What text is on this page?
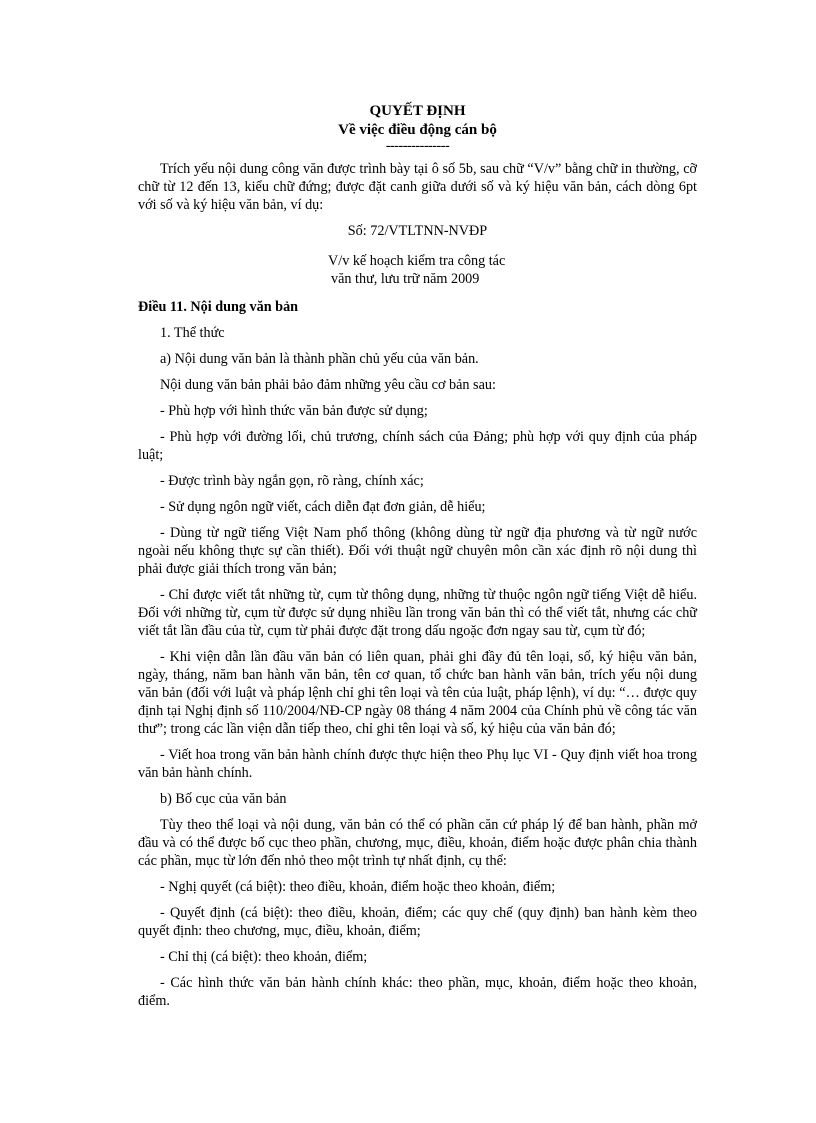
QUYẾT ĐỊNH
Về việc điều động cán bộ
---------------

Trích yếu nội dung công văn được trình bày tại ô số 5b, sau chữ “V/v” bằng chữ in thường, cỡ chữ từ 12 đến 13, kiểu chữ đứng; được đặt canh giữa dưới số và ký hiệu văn bản, cách dòng 6pt với số và ký hiệu văn bản, ví dụ:

Số: 72/VTLTNN-NVĐP
V/v kế hoạch kiểm tra công tác
văn thư, lưu trữ năm 2009

Điều 11. Nội dung văn bản

1. Thể thức

a) Nội dung văn bản là thành phần chủ yếu của văn bản.

Nội dung văn bản phải bảo đảm những yêu cầu cơ bản sau:

- Phù hợp với hình thức văn bản được sử dụng;

- Phù hợp với đường lối, chủ trương, chính sách của Đảng; phù hợp với quy định của pháp luật;

- Được trình bày ngắn gọn, rõ ràng, chính xác;

- Sử dụng ngôn ngữ viết, cách diễn đạt đơn giản, dễ hiểu;

- Dùng từ ngữ tiếng Việt Nam phổ thông (không dùng từ ngữ địa phương và từ ngữ nước ngoài nếu không thực sự cần thiết). Đối với thuật ngữ chuyên môn cần xác định rõ nội dung thì phải được giải thích trong văn bản;

- Chỉ được viết tắt những từ, cụm từ thông dụng, những từ thuộc ngôn ngữ tiếng Việt dễ hiểu. Đối với những từ, cụm từ được sử dụng nhiều lần trong văn bản thì có thể viết tắt, nhưng các chữ viết tắt lần đầu của từ, cụm từ phải được đặt trong dấu ngoặc đơn ngay sau từ, cụm từ đó;

- Khi viện dẫn lần đầu văn bản có liên quan, phải ghi đầy đủ tên loại, số, ký hiệu văn bản, ngày, tháng, năm ban hành văn bản, tên cơ quan, tổ chức ban hành văn bản, trích yếu nội dung văn bản (đối với luật và pháp lệnh chỉ ghi tên loại và tên của luật, pháp lệnh), ví dụ: “… được quy định tại Nghị định số 110/2004/NĐ-CP ngày 08 tháng 4 năm 2004 của Chính phủ về công tác văn thư”; trong các lần viện dẫn tiếp theo, chỉ ghi tên loại và số, ký hiệu của văn bản đó;

- Viết hoa trong văn bản hành chính được thực hiện theo Phụ lục VI - Quy định viết hoa trong văn bản hành chính.

b) Bố cục của văn bản

Tùy theo thể loại và nội dung, văn bản có thể có phần căn cứ pháp lý để ban hành, phần mở đầu và có thể được bố cục theo phần, chương, mục, điều, khoản, điểm hoặc được phân chia thành các phần, mục từ lớn đến nhỏ theo một trình tự nhất định, cụ thể:

- Nghị quyết (cá biệt): theo điều, khoản, điểm hoặc theo khoản, điểm;

- Quyết định (cá biệt): theo điều, khoản, điểm; các quy chế (quy định) ban hành kèm theo quyết định: theo chương, mục, điều, khoản, điểm;

- Chỉ thị (cá biệt): theo khoản, điểm;

- Các hình thức văn bản hành chính khác: theo phần, mục, khoản, điểm hoặc theo khoản, điểm.
